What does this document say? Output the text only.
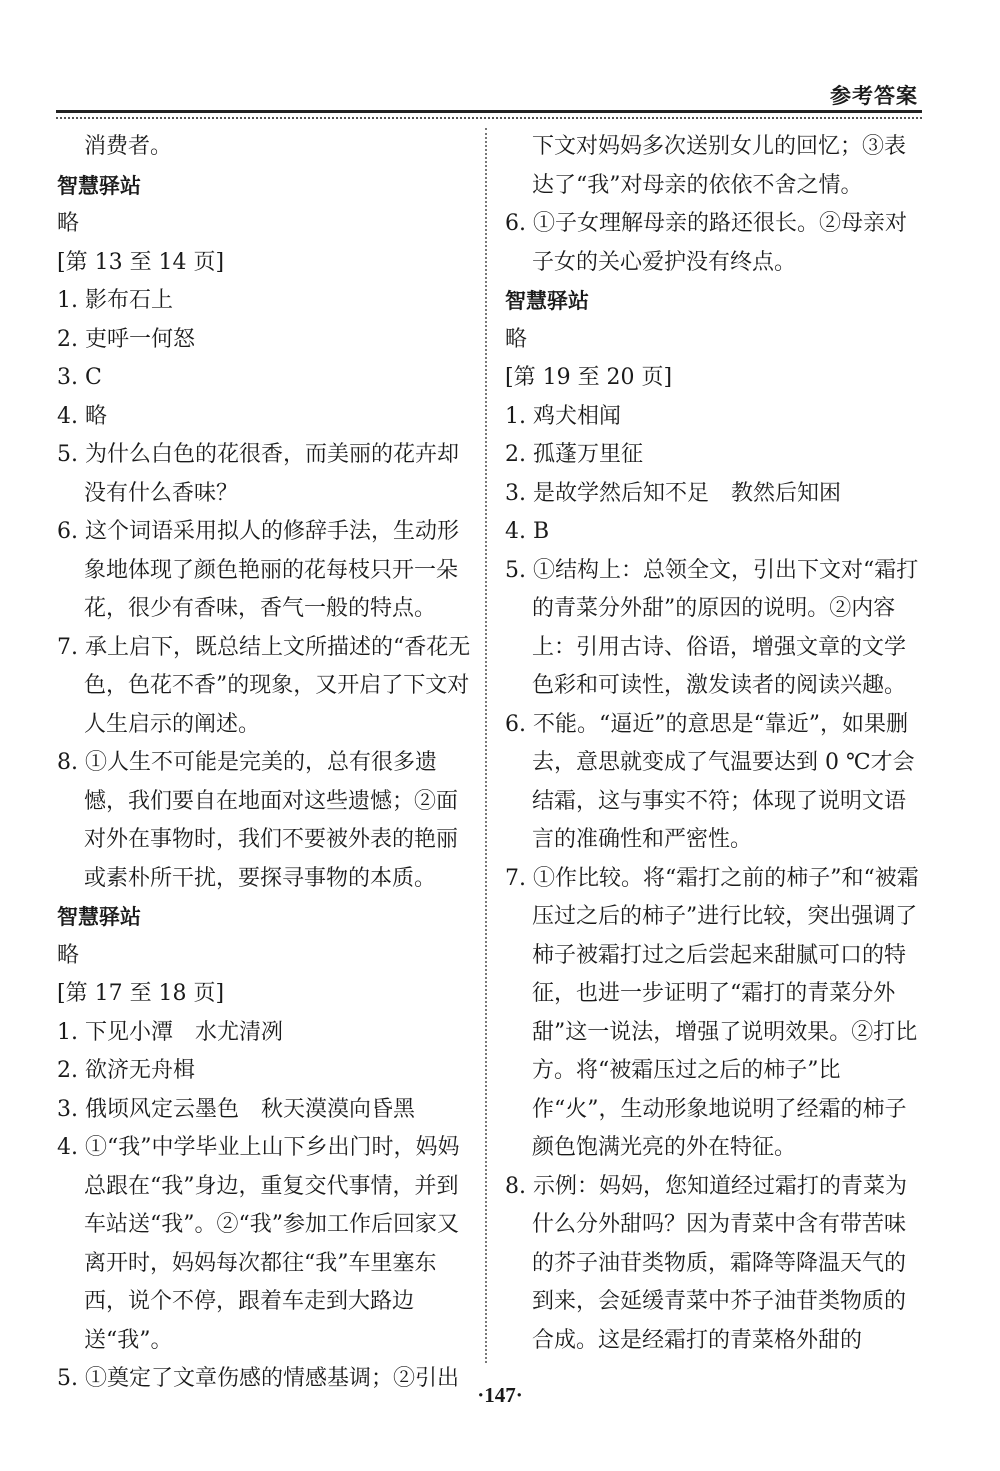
参考答案

消费者。

智慧驿站

略

[第 13 至 14 页]

1. 影布石上

2. 吏呼一何怒

3. C

4. 略

5. 为什么白色的花很香，而美丽的花卉却没有什么香味？

6. 这个词语采用拟人的修辞手法，生动形象地体现了颜色艳丽的花每枝只开一朵花，很少有香味，香气一般的特点。

7. 承上启下，既总结上文所描述的“香花无色，色花不香”的现象，又开启了下文对人生启示的阐述。

8. ①人生不可能是完美的，总有很多遗憾，我们要自在地面对这些遗憾；②面对外在事物时，我们不要被外表的艳丽或素朴所干扰，要探寻事物的本质。

智慧驿站

略

[第 17 至 18 页]

1. 下见小潭　水尤清冽

2. 欲济无舟楫

3. 俄顷风定云墨色　秋天漠漠向昏黑

4. ①“我”中学毕业上山下乡出门时，妈妈总跟在“我”身边，重复交代事情，并到车站送“我”。②“我”参加工作后回家又离开时，妈妈每次都往“我”车里塞东西，说个不停，跟着车走到大路边送“我”。

5. ①奠定了文章伤感的情感基调；②引出

下文对妈妈多次送别女儿的回忆；③表达了“我”对母亲的依依不舍之情。

6. ①子女理解母亲的路还很长。②母亲对子女的关心爱护没有终点。

智慧驿站

略

[第 19 至 20 页]

1. 鸡犬相闻

2. 孤蓬万里征

3. 是故学然后知不足　教然后知困

4. B

5. ①结构上：总领全文，引出下文对“霜打的青菜分外甜”的原因的说明。②内容上：引用古诗、俗语，增强文章的文学色彩和可读性，激发读者的阅读兴趣。

6. 不能。“逼近”的意思是“靠近”，如果删去，意思就变成了气温要达到 0 ℃才会结霜，这与事实不符；体现了说明文语言的准确性和严密性。

7. ①作比较。将“霜打之前的柿子”和“被霜压过之后的柿子”进行比较，突出强调了柿子被霜打过之后尝起来甜腻可口的特征，也进一步证明了“霜打的青菜分外甜”这一说法，增强了说明效果。②打比方。将“被霜压过之后的柿子”比作“火”，生动形象地说明了经霜的柿子颜色饱满光亮的外在特征。

8. 示例：妈妈，您知道经过霜打的青菜为什么分外甜吗？因为青菜中含有带苦味的芥子油苷类物质，霜降等降温天气的到来，会延缓青菜中芥子油苷类物质的合成。这是经霜打的青菜格外甜的

·147·
